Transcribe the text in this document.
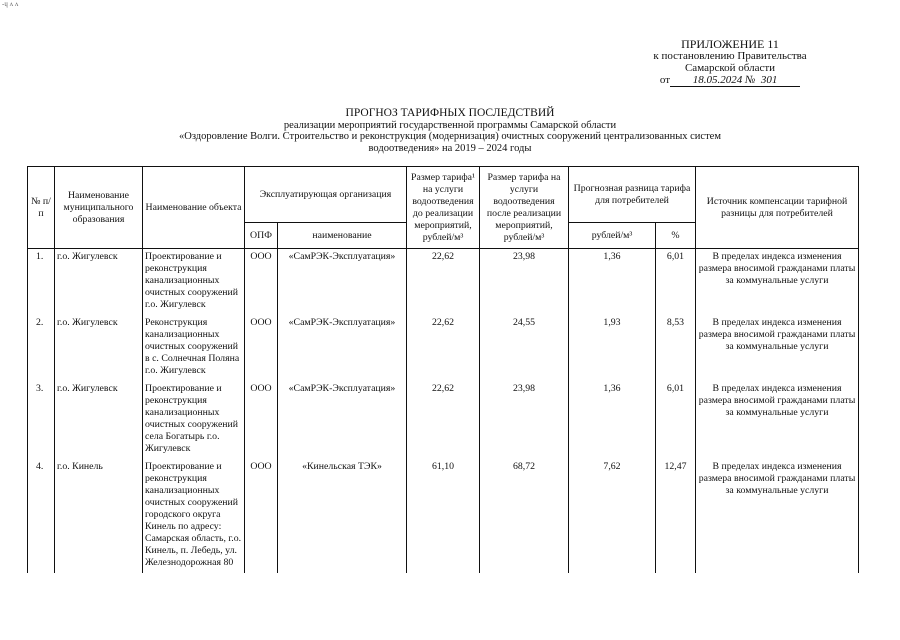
-ɥ ʌ ʌ
ПРИЛОЖЕНИЕ 11
к постановлению Правительства
Самарской области
от 18.05.2024 № 301
ПРОГНОЗ ТАРИФНЫХ ПОСЛЕДСТВИЙ
реализации мероприятий государственной программы Самарской области
«Оздоровление Волги. Строительство и реконструкция (модернизация) очистных сооружений централизованных систем
водоотведения» на 2019 – 2024 годы
№ п/п	Наименование муниципального образования	Наименование объекта	Эксплуатирующая организация		Размер тарифа¹ на услуги водоотведения до реализации мероприятий, рублей/м³	Размер тарифа на услуги водоотведения после реализации мероприятий, рублей/м³	Прогнозная разница тарифа для потребителей		Источник компенсации тарифной разницы для потребителей
			ОПФ	наименование			рублей/м³	%	
1.	г.о. Жигулевск	Проектирование и реконструкция канализационных очистных сооружений г.о. Жигулевск	ООО	«СамРЭК-Эксплуатация»	22,62	23,98	1,36	6,01	В пределах индекса изменения размера вносимой гражданами платы за коммунальные услуги
2.	г.о. Жигулевск	Реконструкция канализационных очистных сооружений в с. Солнечная Поляна г.о. Жигулевск	ООО	«СамРЭК-Эксплуатация»	22,62	24,55	1,93	8,53	В пределах индекса изменения размера вносимой гражданами платы за коммунальные услуги
3.	г.о. Жигулевск	Проектирование и реконструкция канализационных очистных сооружений села Богатырь г.о. Жигулевск	ООО	«СамРЭК-Эксплуатация»	22,62	23,98	1,36	6,01	В пределах индекса изменения размера вносимой гражданами платы за коммунальные услуги
4.	г.о. Кинель	Проектирование и реконструкция канализационных очистных сооружений городского округа Кинель по адресу: Самарская область, г.о. Кинель, п. Лебедь, ул. Железнодорожная 80	ООО	«Кинельская ТЭК»	61,10	68,72	7,62	12,47	В пределах индекса изменения размера вносимой гражданами платы за коммунальные услуги
